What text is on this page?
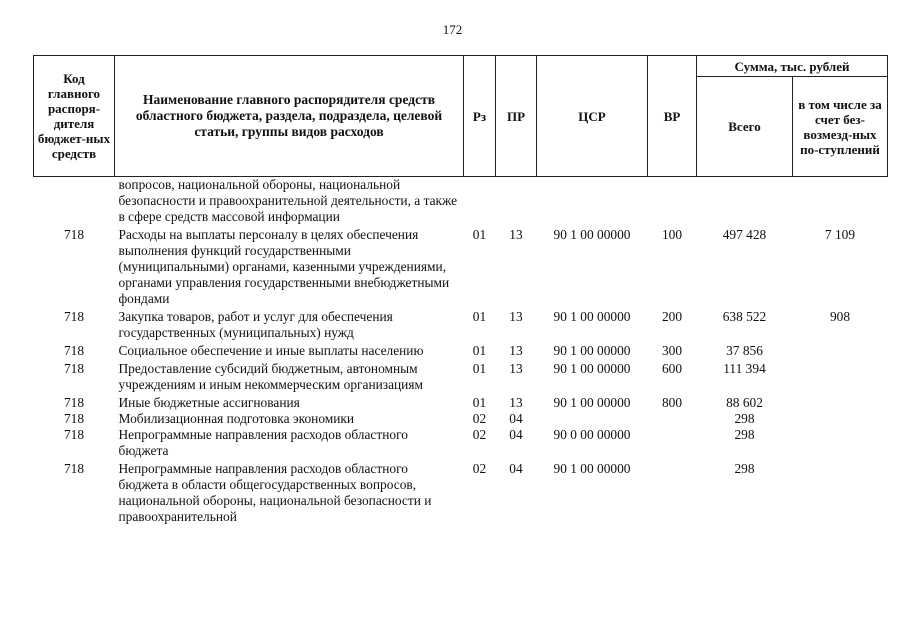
172
Код главного распоря-дителя бюджет-ных средств	Наименование главного распорядителя средств областного бюджета, раздела, подраздела, целевой статьи, группы видов расходов	Рз	ПР	ЦСР	ВР	Сумма, тыс. рублей	
						Всего	в том числе за счет без-возмезд-ных по-ступлений
	вопросов, национальной обороны, национальной безопасности и правоохранительной деятельности, а также в сфере средств массовой информации						
718	Расходы на выплаты персоналу в целях обеспечения выполнения функций государственными (муниципальными) органами, казенными учреждениями, органами управления государственными внебюджетными фондами	01	13	90 1 00 00000	100	497 428	7 109
718	Закупка товаров, работ и услуг для обеспечения государственных (муниципальных) нужд	01	13	90 1 00 00000	200	638 522	908
718	Социальное обеспечение и иные выплаты населению	01	13	90 1 00 00000	300	37 856	
718	Предоставление субсидий бюджетным, автономным учреждениям и иным некоммерческим организациям	01	13	90 1 00 00000	600	111 394	
718	Иные бюджетные ассигнования	01	13	90 1 00 00000	800	88 602	
718	Мобилизационная подготовка экономики	02	04			298	
718	Непрограммные направления расходов областного бюджета	02	04	90 0 00 00000		298	
718	Непрограммные направления расходов областного бюджета в области общегосударственных вопросов, национальной обороны, национальной безопасности и правоохранительной	02	04	90 1 00 00000		298	
